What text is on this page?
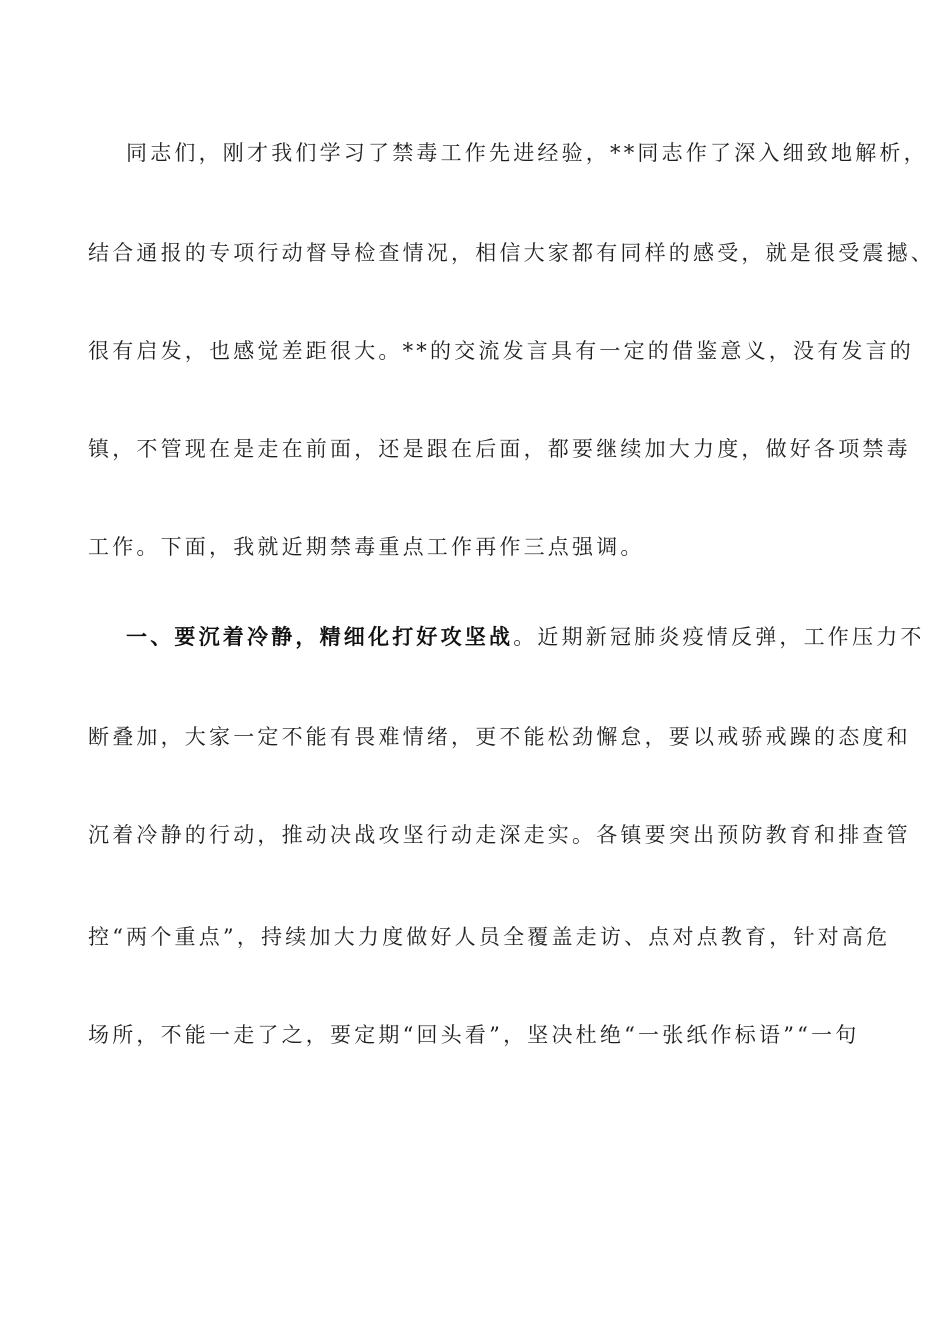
同志们，刚才我们学习了禁毒工作先进经验，**同志作了深入细致地解析，
结合通报的专项行动督导检查情况，相信大家都有同样的感受，就是很受震撼、
很有启发，也感觉差距很大。**的交流发言具有一定的借鉴意义，没有发言的
镇，不管现在是走在前面，还是跟在后面，都要继续加大力度，做好各项禁毒
工作。下面，我就近期禁毒重点工作再作三点强调。
一、要沉着冷静，精细化打好攻坚战。近期新冠肺炎疫情反弹，工作压力不
断叠加，大家一定不能有畏难情绪，更不能松劲懈怠，要以戒骄戒躁的态度和
沉着冷静的行动，推动决战攻坚行动走深走实。各镇要突出预防教育和排查管
控“两个重点”，持续加大力度做好人员全覆盖走访、点对点教育，针对高危
场所，不能一走了之，要定期“回头看”，坚决杜绝“一张纸作标语”“一句
